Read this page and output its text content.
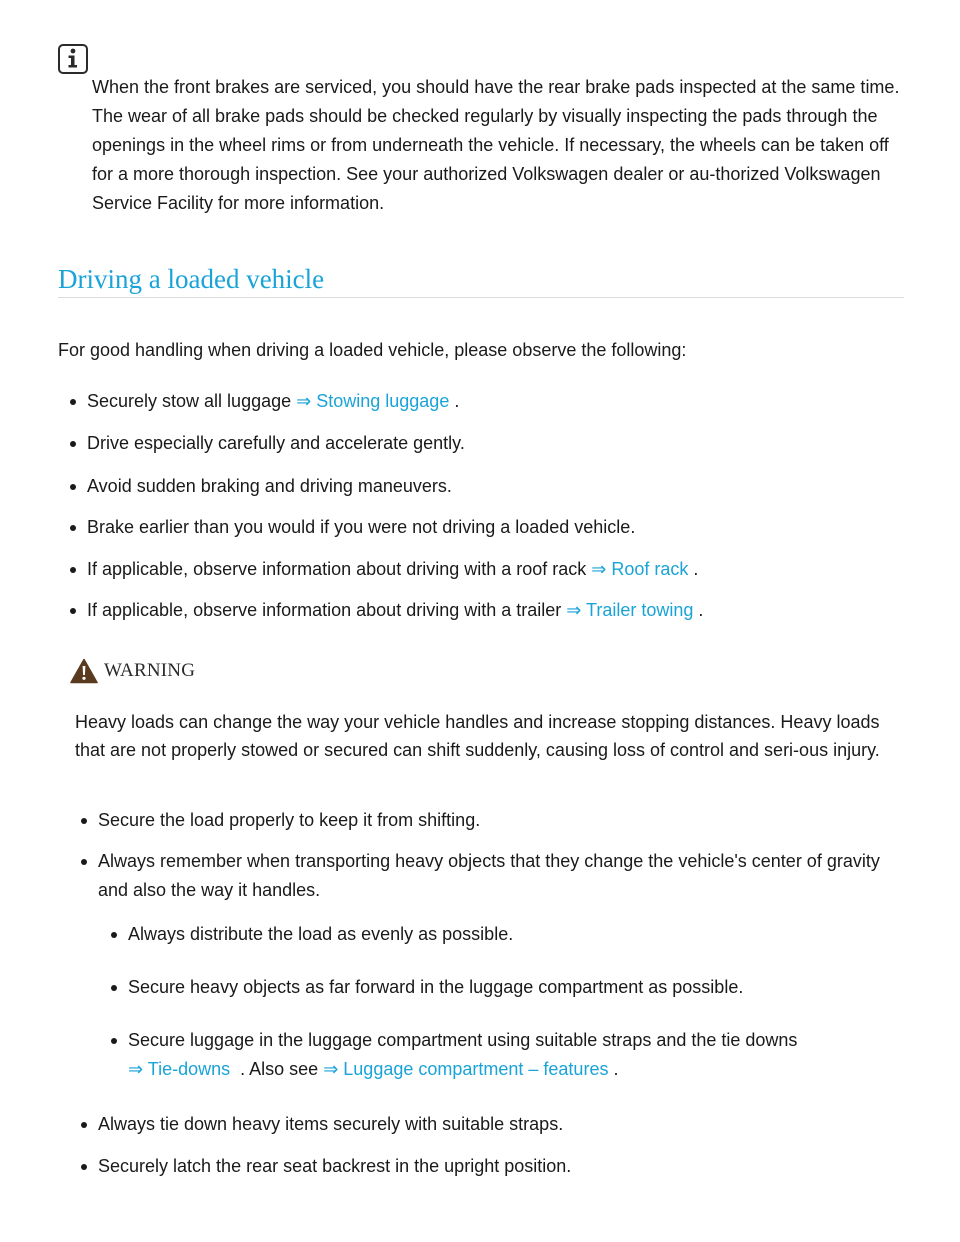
When the front brakes are serviced, you should have the rear brake pads inspected at the same time. The wear of all brake pads should be checked regularly by visually inspecting the pads through the openings in the wheel rims or from underneath the vehicle. If necessary, the wheels can be taken off for a more thorough inspection. See your authorized Volkswagen dealer or au-thorized Volkswagen Service Facility for more information.

Driving a loaded vehicle

For good handling when driving a loaded vehicle, please observe the following:

Securely stow all luggage ⇒ Stowing luggage .

Drive especially carefully and accelerate gently.

Avoid sudden braking and driving maneuvers.

Brake earlier than you would if you were not driving a loaded vehicle.

If applicable, observe information about driving with a roof rack ⇒ Roof rack .

If applicable, observe information about driving with a trailer ⇒ Trailer towing .

WARNING

Heavy loads can change the way your vehicle handles and increase stopping distances. Heavy loads that are not properly stowed or secured can shift suddenly, causing loss of control and seri-ous injury.

Secure the load properly to keep it from shifting.

Always remember when transporting heavy objects that they change the vehicle's center of gravity and also the way it handles.

Always distribute the load as evenly as possible.

Secure heavy objects as far forward in the luggage compartment as possible.

Secure luggage in the luggage compartment using suitable straps and the tie downs
⇒ Tie-downs . Also see ⇒ Luggage compartment – features .

Always tie down heavy items securely with suitable straps.

Securely latch the rear seat backrest in the upright position.
